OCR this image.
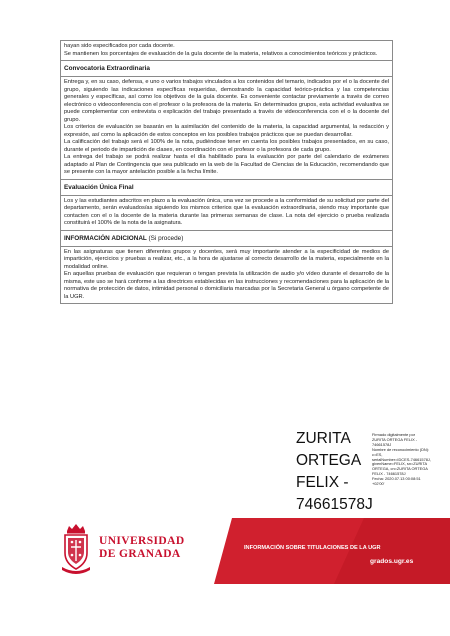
hayan sido especificados por cada docente.

Se mantienen los porcentajes de evaluación de la guía docente de la materia, relativos a conocimientos teóricos y prácticos.

Convocatoria Extraordinaria

Entrega y, en su caso, defensa, e uno o varios trabajos vinculados a los contenidos del temario, indicados por el o la docente del grupo, siguiendo las indicaciones específicas requeridas, demostrando la capacidad teórico-práctica y las competencias generales y específicas, así como los objetivos de la guía docente. Es conveniente contactar previamente a través de correo electrónico o videoconferencia con el profesor o la profesora de la materia. En determinados grupos, esta actividad evaluativa se puede complementar con entrevista o explicación del trabajo presentado a través de videoconferencia con el o la docente del grupo.

Los criterios de evaluación se basarán en la asimilación del contenido de la materia, la capacidad argumental, la redacción y expresión, así como la aplicación de estos conceptos en los posibles trabajos prácticos que se puedan desarrollar.

La calificación del trabajo será el 100% de la nota, pudiéndose tener en cuenta los posibles trabajos presentados, en su caso, durante el periodo de impartición de clases, en coordinación con el profesor o la profesora de cada grupo.

La entrega del trabajo se podrá realizar hasta el día habilitado para la evaluación por parte del calendario de exámenes adaptado al Plan de Contingencia que sea publicado en la web de la Facultad de Ciencias de la Educación, recomendando que se presente con la mayor antelación posible a la fecha límite.

Evaluación Única Final

Los y las estudiantes adscritos en plazo a la evaluación única, una vez se procede a la conformidad de su solicitud por parte del departamento, serán evaluados/as siguiendo los mismos criterios que la evaluación extraordinaria, siendo muy importante que contacten con el o la docente de la materia durante las primeras semanas de clase. La nota del ejercicio o prueba realizada constituirá el 100% de la nota de la asignatura.

INFORMACIÓN ADICIONAL (Si procede)

En las asignaturas que tienen diferentes grupos y docentes, será muy importante atender a la especificidad de medios de impartición, ejercicios y pruebas a realizar, etc., a la hora de ajustarse al correcto desarrollo de la materia, especialmente en la modalidad online.

En aquellas pruebas de evaluación que requieran o tengan prevista la utilización de audio y/o vídeo durante el desarrollo de la misma, este uso se hará conforme a las directrices establecidas en las instrucciones y recomendaciones para la aplicación de la normativa de protección de datos, intimidad personal o domiciliaria marcadas por la Secretaria General u órgano competente de la UGR.

ZURITA
ORTEGA
FELIX -
74661578J
Firmado digitalmente por
ZURITA ORTEGA FELIX -
74661578J
Nombre de reconocimiento (DN):
c=ES,
serialNumber=IDCES-74661578J,
givenName=FELIX, sn=ZURITA
ORTEGA, cn=ZURITA ORTEGA
FELIX - 74661578J
Fecha: 2020.07.13 00:08:51
+02'00'
UNIVERSIDAD
DE GRANADA	INFORMACIÓN SOBRE TITULACIONES DE LA UGR
grados.ugr.es
